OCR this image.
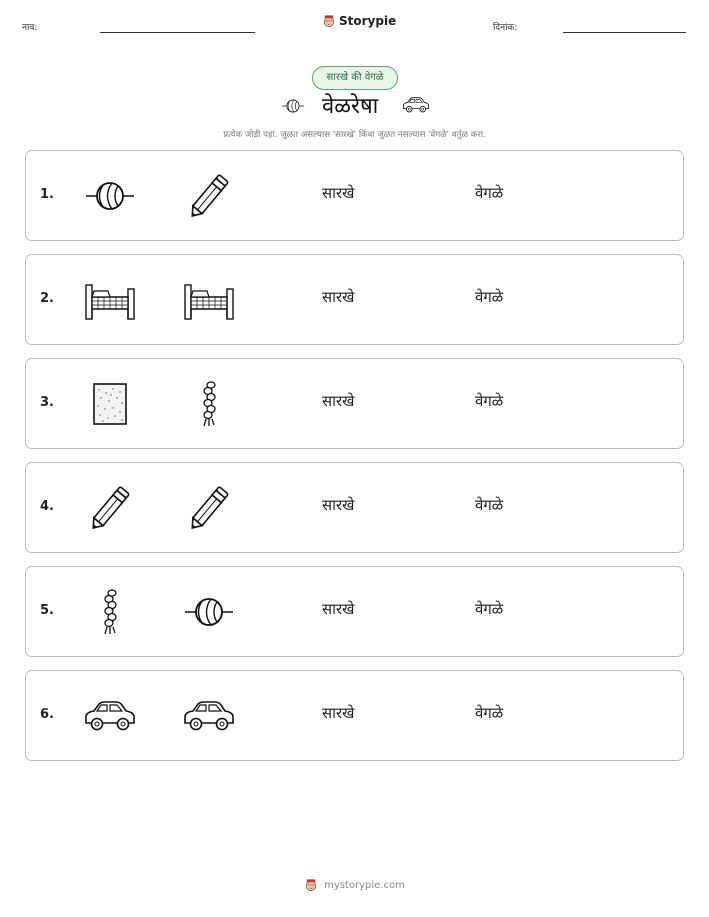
नाव:	Storypie	दिनांक:
सारखे की वेगळे
वेळरेषा
प्रत्येक जोडी पहा. जुळत असल्यास 'सारखे' किंवा जुळत नसल्यास 'वेगळे' वर्तुळ करा.
1.	सारखे	वेगळे
2.	सारखे	वेगळे
3.	सारखे	वेगळे
4.	सारखे	वेगळे
5.	सारखे	वेगळे
6.	सारखे	वेगळे
mystorypie.com
